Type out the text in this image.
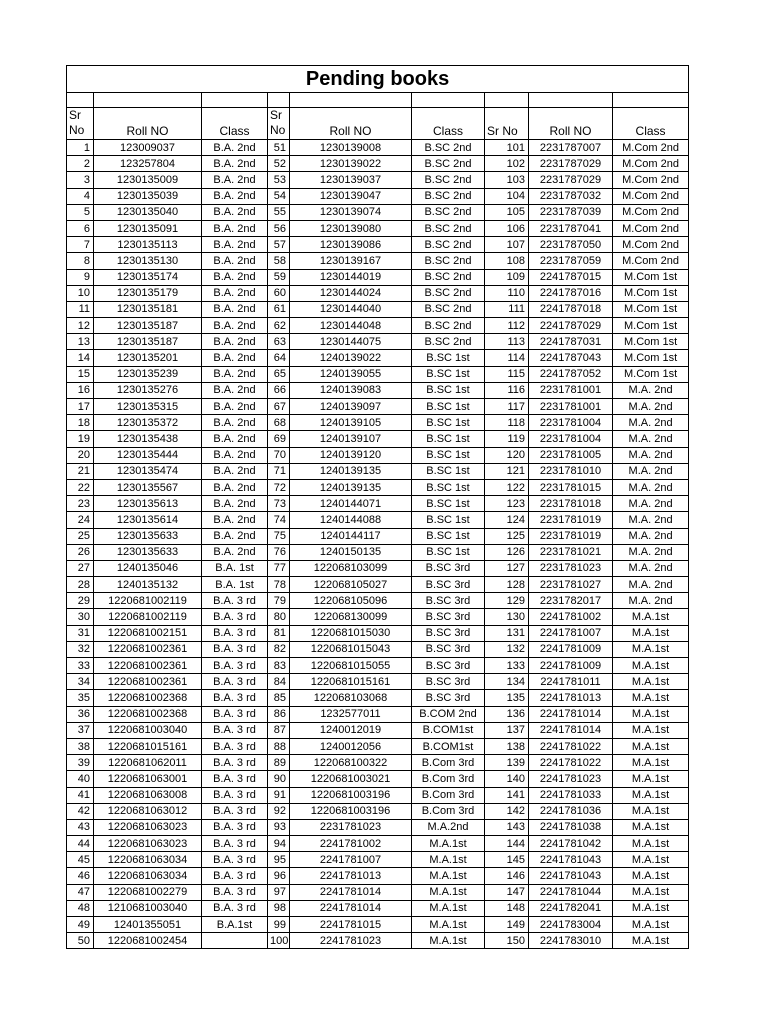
Pending books								

Sr
No	Roll NO	Class	Sr
No	Roll NO	Class	Sr No	Roll NO	Class
1	123009037	B.A. 2nd	51	1230139008	B.SC 2nd	101	2231787007	M.Com 2nd
2	123257804	B.A. 2nd	52	1230139022	B.SC 2nd	102	2231787029	M.Com 2nd
3	1230135009	B.A. 2nd	53	1230139037	B.SC 2nd	103	2231787029	M.Com 2nd
4	1230135039	B.A. 2nd	54	1230139047	B.SC 2nd	104	2231787032	M.Com 2nd
5	1230135040	B.A. 2nd	55	1230139074	B.SC 2nd	105	2231787039	M.Com 2nd
6	1230135091	B.A. 2nd	56	1230139080	B.SC 2nd	106	2231787041	M.Com 2nd
7	1230135113	B.A. 2nd	57	1230139086	B.SC 2nd	107	2231787050	M.Com 2nd
8	1230135130	B.A. 2nd	58	1230139167	B.SC 2nd	108	2231787059	M.Com 2nd
9	1230135174	B.A. 2nd	59	1230144019	B.SC 2nd	109	2241787015	M.Com 1st
10	1230135179	B.A. 2nd	60	1230144024	B.SC 2nd	110	2241787016	M.Com 1st
11	1230135181	B.A. 2nd	61	1230144040	B.SC 2nd	111	2241787018	M.Com 1st
12	1230135187	B.A. 2nd	62	1230144048	B.SC 2nd	112	2241787029	M.Com 1st
13	1230135187	B.A. 2nd	63	1230144075	B.SC 2nd	113	2241787031	M.Com 1st
14	1230135201	B.A. 2nd	64	1240139022	B.SC 1st	114	2241787043	M.Com 1st
15	1230135239	B.A. 2nd	65	1240139055	B.SC 1st	115	2241787052	M.Com 1st
16	1230135276	B.A. 2nd	66	1240139083	B.SC 1st	116	2231781001	M.A. 2nd
17	1230135315	B.A. 2nd	67	1240139097	B.SC 1st	117	2231781001	M.A. 2nd
18	1230135372	B.A. 2nd	68	1240139105	B.SC 1st	118	2231781004	M.A. 2nd
19	1230135438	B.A. 2nd	69	1240139107	B.SC 1st	119	2231781004	M.A. 2nd
20	1230135444	B.A. 2nd	70	1240139120	B.SC 1st	120	2231781005	M.A. 2nd
21	1230135474	B.A. 2nd	71	1240139135	B.SC 1st	121	2231781010	M.A. 2nd
22	1230135567	B.A. 2nd	72	1240139135	B.SC 1st	122	2231781015	M.A. 2nd
23	1230135613	B.A. 2nd	73	1240144071	B.SC 1st	123	2231781018	M.A. 2nd
24	1230135614	B.A. 2nd	74	1240144088	B.SC 1st	124	2231781019	M.A. 2nd
25	1230135633	B.A. 2nd	75	1240144117	B.SC 1st	125	2231781019	M.A. 2nd
26	1230135633	B.A. 2nd	76	1240150135	B.SC 1st	126	2231781021	M.A. 2nd
27	1240135046	B.A. 1st	77	122068103099	B.SC 3rd	127	2231781023	M.A. 2nd
28	1240135132	B.A. 1st	78	122068105027	B.SC 3rd	128	2231781027	M.A. 2nd
29	1220681002119	B.A. 3 rd	79	122068105096	B.SC 3rd	129	2231782017	M.A. 2nd
30	1220681002119	B.A. 3 rd	80	122068130099	B.SC 3rd	130	2241781002	M.A.1st
31	1220681002151	B.A. 3 rd	81	1220681015030	B.SC 3rd	131	2241781007	M.A.1st
32	1220681002361	B.A. 3 rd	82	1220681015043	B.SC 3rd	132	2241781009	M.A.1st
33	1220681002361	B.A. 3 rd	83	1220681015055	B.SC 3rd	133	2241781009	M.A.1st
34	1220681002361	B.A. 3 rd	84	1220681015161	B.SC 3rd	134	2241781011	M.A.1st
35	1220681002368	B.A. 3 rd	85	122068103068	B.SC 3rd	135	2241781013	M.A.1st
36	1220681002368	B.A. 3 rd	86	1232577011	B.COM 2nd	136	2241781014	M.A.1st
37	1220681003040	B.A. 3 rd	87	1240012019	B.COM1st	137	2241781014	M.A.1st
38	1220681015161	B.A. 3 rd	88	1240012056	B.COM1st	138	2241781022	M.A.1st
39	1220681062011	B.A. 3 rd	89	122068100322	B.Com 3rd	139	2241781022	M.A.1st
40	1220681063001	B.A. 3 rd	90	1220681003021	B.Com 3rd	140	2241781023	M.A.1st
41	1220681063008	B.A. 3 rd	91	1220681003196	B.Com 3rd	141	2241781033	M.A.1st
42	1220681063012	B.A. 3 rd	92	1220681003196	B.Com 3rd	142	2241781036	M.A.1st
43	1220681063023	B.A. 3 rd	93	2231781023	M.A.2nd	143	2241781038	M.A.1st
44	1220681063023	B.A. 3 rd	94	2241781002	M.A.1st	144	2241781042	M.A.1st
45	1220681063034	B.A. 3 rd	95	2241781007	M.A.1st	145	2241781043	M.A.1st
46	1220681063034	B.A. 3 rd	96	2241781013	M.A.1st	146	2241781043	M.A.1st
47	1220681002279	B.A. 3 rd	97	2241781014	M.A.1st	147	2241781044	M.A.1st
48	1210681003040	B.A. 3 rd	98	2241781014	M.A.1st	148	2241782041	M.A.1st
49	12401355051	B.A.1st	99	2241781015	M.A.1st	149	2241783004	M.A.1st
50	1220681002454		100	2241781023	M.A.1st	150	2241783010	M.A.1st
